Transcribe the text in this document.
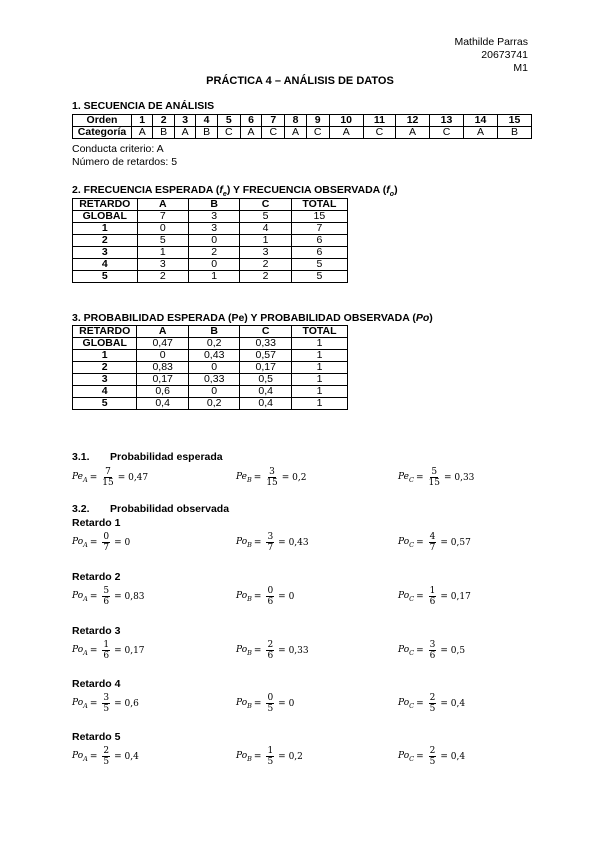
Mathilde Parras
20673741
M1
PRÁCTICA 4 – ANÁLISIS DE DATOS
1. SECUENCIA DE ANÁLISIS
Orden	1	2	3	4	5	6	7	8	9	10	11	12	13	14	15
Categoría	A	B	A	B	C	A	C	A	C	A	C	A	C	A	B
Conducta criterio: A
Número de retardos: 5
2. FRECUENCIA ESPERADA $(f_e)$ Y FRECUENCIA OBSERVADA $(f_o)$
RETARDO	A	B	C	TOTAL
GLOBAL	7	3	5	15
1	0	3	4	7
2	5	0	1	6
3	1	2	3	6
4	3	0	2	5
5	2	1	2	5
3. PROBABILIDAD ESPERADA (Pe) Y PROBABILIDAD OBSERVADA (Po)
RETARDO	A	B	C	TOTAL
GLOBAL	0,47	0,2	0,33	1
1	0	0,43	0,57	1
2	0,83	0	0,17	1
3	0,17	0,33	0,5	1
4	0,6	0	0,4	1
5	0,4	0,2	0,4	1
3.1. Probabilidad esperada
$Pe_A = \frac{7}{15} = 0,47$	$Pe_B = \frac{3}{15} = 0,2$	$Pe_C = \frac{5}{15} = 0,33$
3.2. Probabilidad observada
Retardo 1
$Po_A = \frac{0}{7} = 0$	$Po_B = \frac{3}{7} = 0,43$	$Po_C = \frac{4}{7} = 0,57$
Retardo 2
$Po_A = \frac{5}{6} = 0,83$	$Po_B = \frac{0}{6} = 0$	$Po_C = \frac{1}{6} = 0,17$
Retardo 3
$Po_A = \frac{1}{6} = 0,17$	$Po_B = \frac{2}{6} = 0,33$	$Po_C = \frac{3}{6} = 0,5$
Retardo 4
$Po_A = \frac{3}{5} = 0,6$	$Po_B = \frac{0}{5} = 0$	$Po_C = \frac{2}{5} = 0,4$
Retardo 5
$Po_A = \frac{2}{5} = 0,4$	$Po_B = \frac{1}{5} = 0,2$	$Po_C = \frac{2}{5} = 0,4$
